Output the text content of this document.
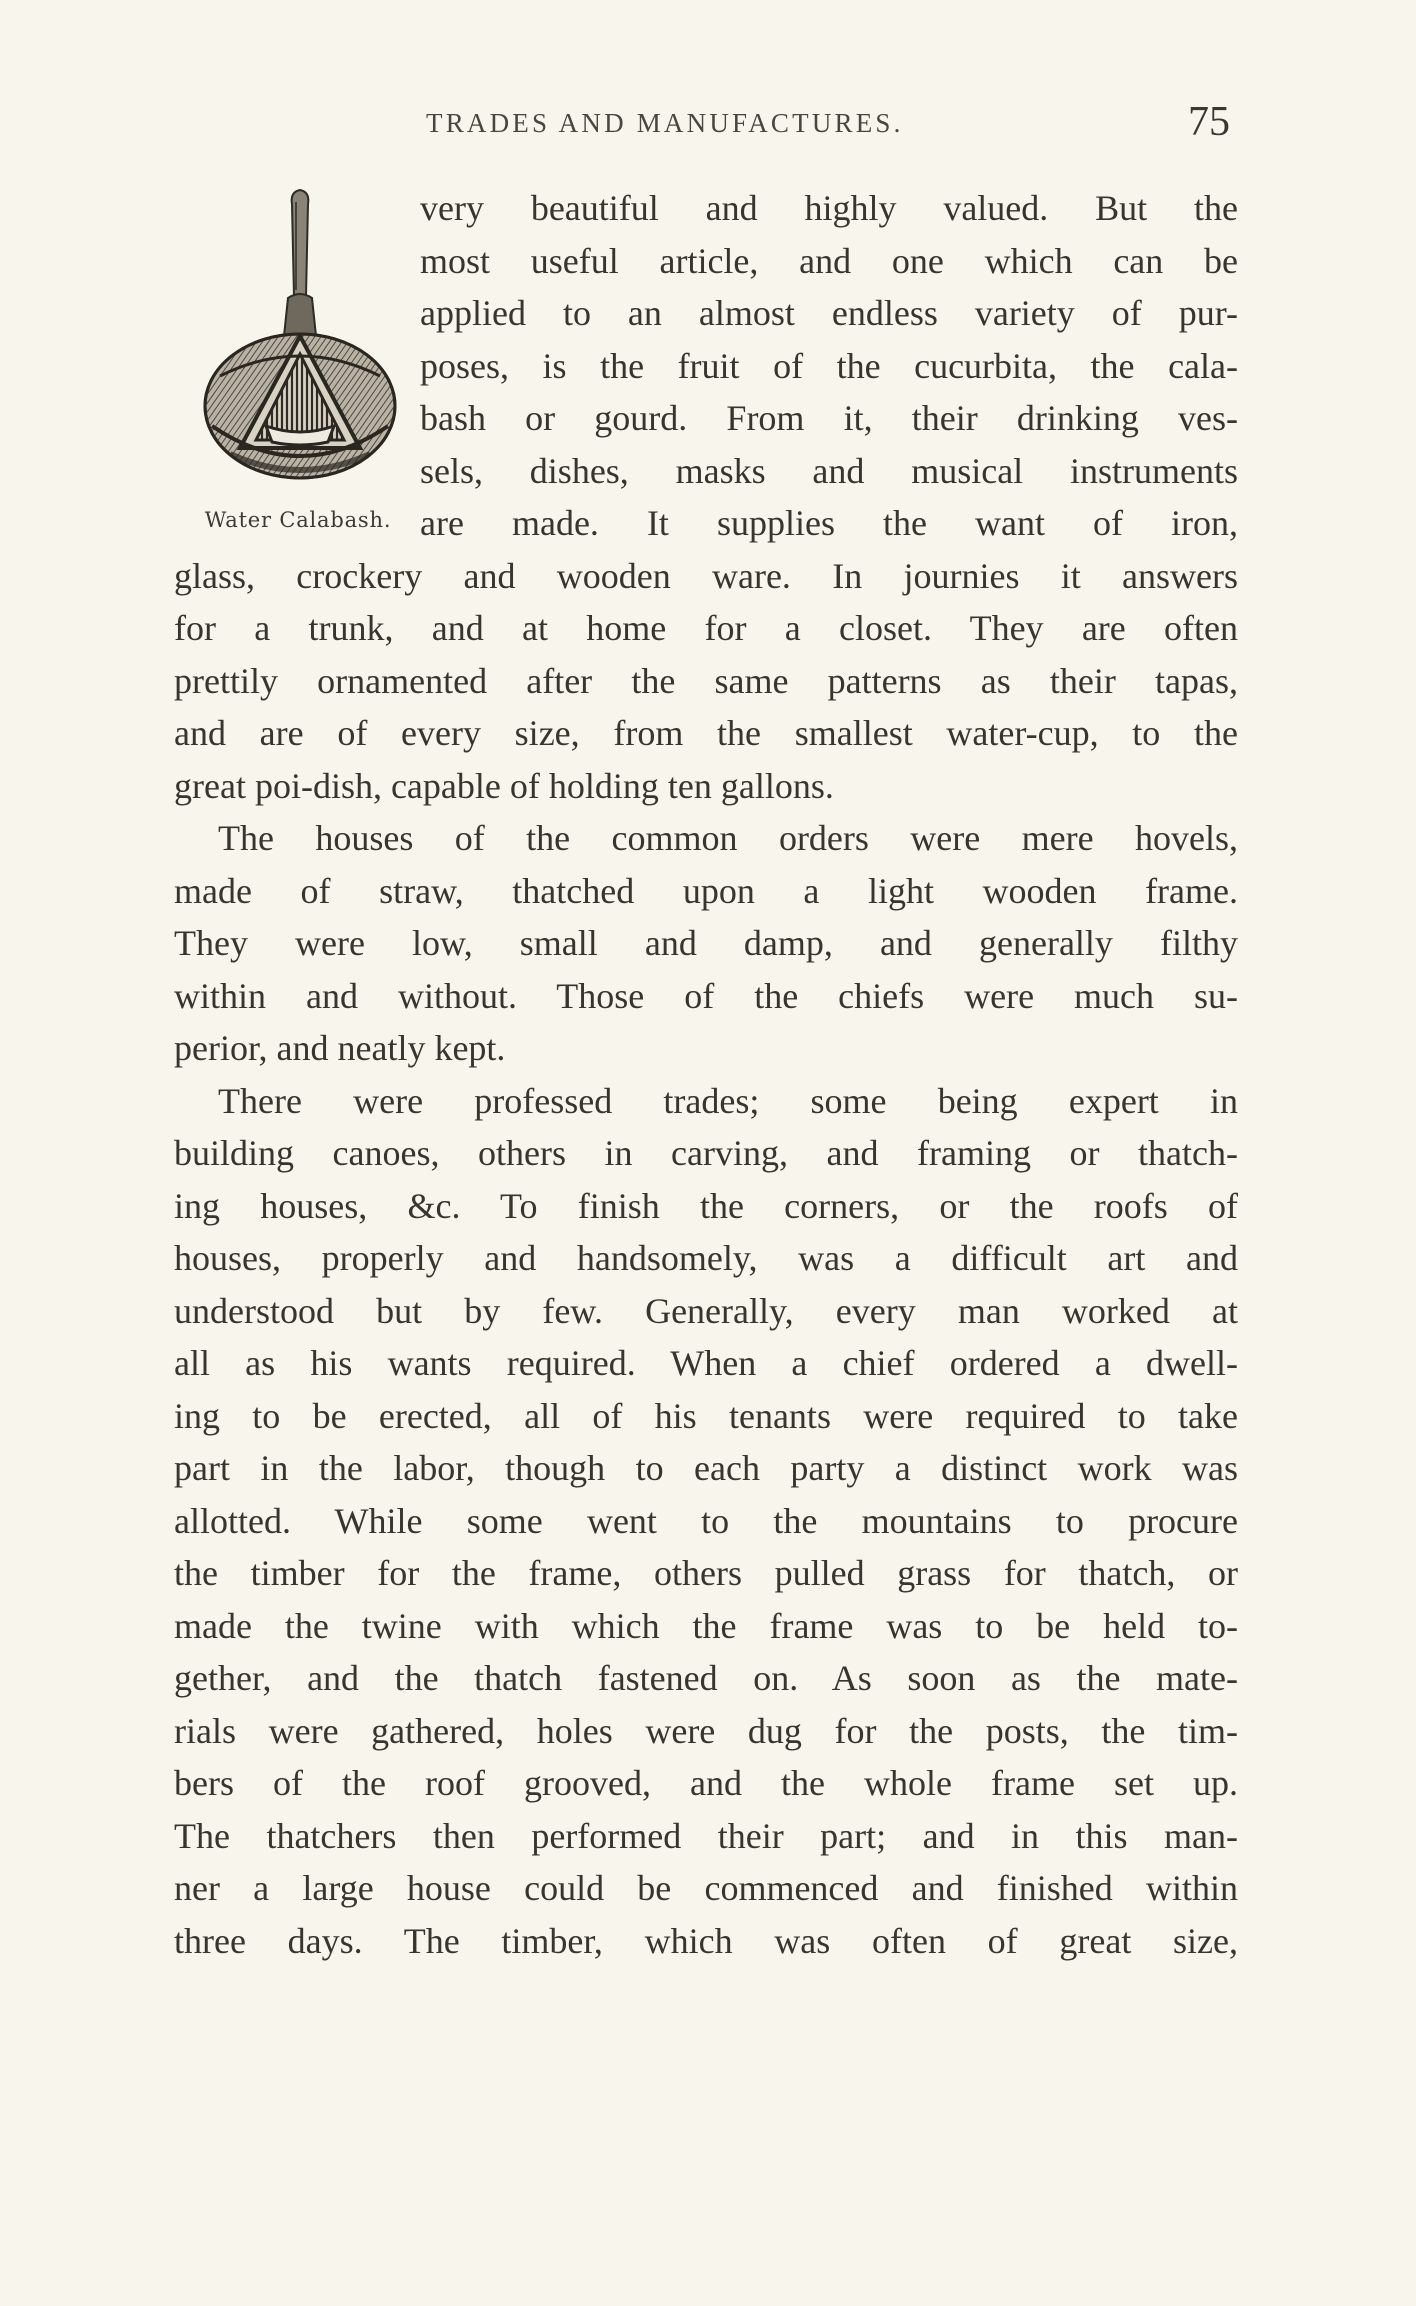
TRADES AND MANUFACTURES.	75
Water Calabash.
very beautiful and highly valued. But the
most useful article, and one which can be
applied to an almost endless variety of pur-
poses, is the fruit of the cucurbita, the cala-
bash or gourd. From it, their drinking ves-
sels, dishes, masks and musical instruments
are made. It supplies the want of iron,
glass, crockery and wooden ware. In journies it answers
for a trunk, and at home for a closet. They are often
prettily ornamented after the same patterns as their tapas,
and are of every size, from the smallest water-cup, to the
great poi-dish, capable of holding ten gallons.
The houses of the common orders were mere hovels,
made of straw, thatched upon a light wooden frame.
They were low, small and damp, and generally filthy
within and without. Those of the chiefs were much su-
perior, and neatly kept.
There were professed trades; some being expert in
building canoes, others in carving, and framing or thatch-
ing houses, &c. To finish the corners, or the roofs of
houses, properly and handsomely, was a difficult art and
understood but by few. Generally, every man worked at
all as his wants required. When a chief ordered a dwell-
ing to be erected, all of his tenants were required to take
part in the labor, though to each party a distinct work was
allotted. While some went to the mountains to procure
the timber for the frame, others pulled grass for thatch, or
made the twine with which the frame was to be held to-
gether, and the thatch fastened on. As soon as the mate-
rials were gathered, holes were dug for the posts, the tim-
bers of the roof grooved, and the whole frame set up.
The thatchers then performed their part; and in this man-
ner a large house could be commenced and finished within
three days. The timber, which was often of great size,
